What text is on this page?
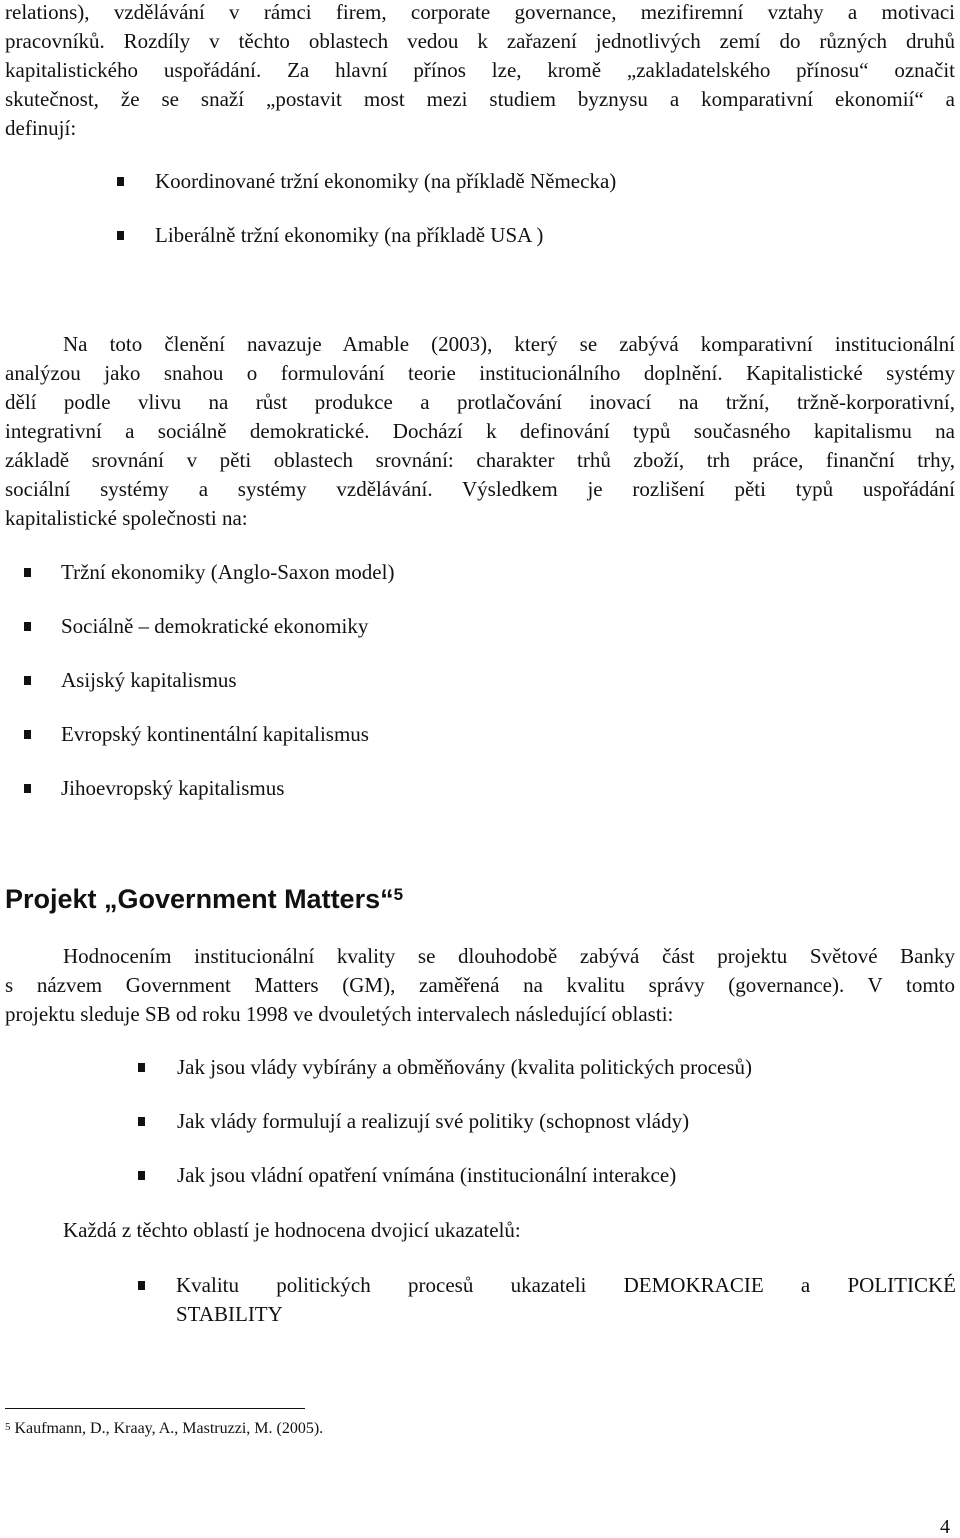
relations), vzdělávání v rámci firem, corporate governance, mezifiremní vztahy a motivaci
pracovníků. Rozdíly v těchto oblastech vedou k zařazení jednotlivých zemí do různých druhů
kapitalistického uspořádání. Za hlavní přínos lze, kromě „zakladatelského přínosu“ označit
skutečnost, že se snaží „postavit most mezi studiem byznysu a komparativní ekonomií“ a
definují:
Koordinované tržní ekonomiky (na příkladě Německa)
Liberálně tržní ekonomiky (na příkladě USA )
Na toto členění navazuje Amable (2003), který se zabývá komparativní institucionální
analýzou jako snahou o formulování teorie institucionálního doplnění. Kapitalistické systémy
dělí podle vlivu na růst produkce a protlačování inovací na tržní, tržně-korporativní,
integrativní a sociálně demokratické. Dochází k definování typů současného kapitalismu na
základě srovnání v pěti oblastech srovnání: charakter trhů zboží, trh práce, finanční trhy,
sociální systémy a systémy vzdělávání. Výsledkem je rozlišení pěti typů uspořádání
kapitalistické společnosti na:
Tržní ekonomiky (Anglo-Saxon model)
Sociálně – demokratické ekonomiky
Asijský kapitalismus
Evropský kontinentální kapitalismus
Jihoevropský kapitalismus
Projekt „Government Matters“$^5$
Hodnocením institucionální kvality se dlouhodobě zabývá část projektu Světové Banky
s názvem Government Matters (GM), zaměřená na kvalitu správy (governance). V tomto
projektu sleduje SB od roku 1998 ve dvouletých intervalech následující oblasti:
Jak jsou vlády vybírány a obměňovány (kvalita politických procesů)
Jak vlády formulují a realizují své politiky (schopnost vlády)
Jak jsou vládní opatření vnímána (institucionální interakce)
Každá z těchto oblastí je hodnocena dvojicí ukazatelů:
Kvalitu politických procesů ukazateli DEMOKRACIE a POLITICKÉ
STABILITY
$^5$ Kaufmann, D., Kraay, A., Mastruzzi, M. (2005).
4
